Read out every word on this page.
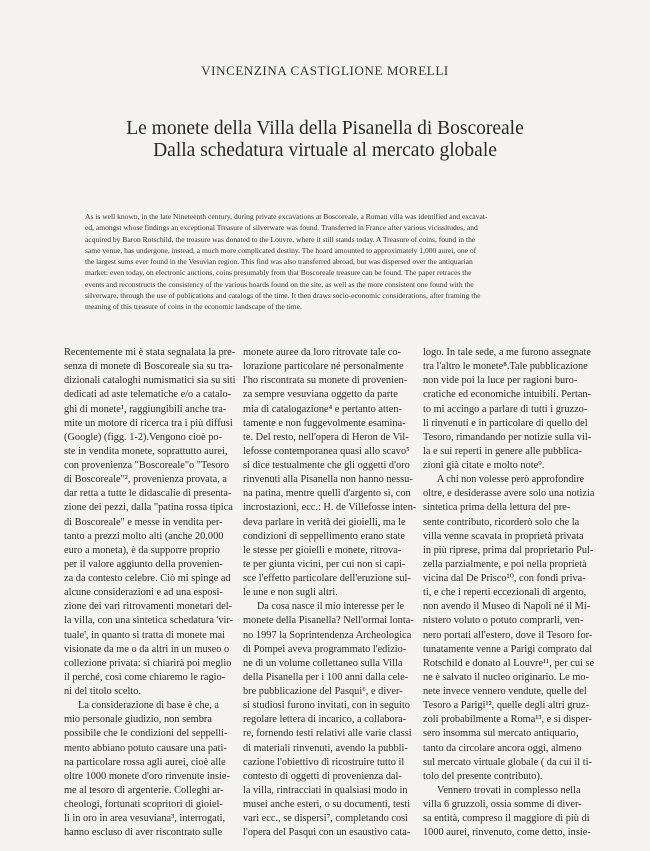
VINCENZINA CASTIGLIONE MORELLI
Le monete della Villa della Pisanella di Boscoreale
Dalla schedatura virtuale al mercato globale
As is well known, in the late Nineteenth century, during private excavations at Boscoreale, a Roman villa was identified and excavat-
ed, amongst whose findings an exceptional Treasure of silverware was found. Transferred in France after various vicissitudes, and
acquired by Baron Rotschild, the treasure was donated to the Louvre, where it still stands today. A Treasure of coins, found in the
same venue, has undergone, instead, a much more complicated destiny. The hoard amounted to approximately 1,000 aurei, one of
the largest sums ever found in the Vesuvian region. This find was also transferred abroad, but was dispersed over the antiquarian
market: even today, on electronic auctions, coins presumably from that Boscoreale treasure can be found. The paper retraces the
events and reconstructs the consistency of the various hoards found on the site, as well as the more consistent one found with the
silverware, through the use of publications and catalogs of the time. It then draws socio-economic considerations, after framing the
meaning of this treasure of coins in the economic landscape of the time.
Recentemente mi è stata segnalata la pre-
senza di monete di Boscoreale sia su tra-
dizionali cataloghi numismatici sia su siti
dedicati ad aste telematiche e/o a catalo-
ghi di monete¹, raggiungibili anche tra-
mite un motore di ricerca tra i più diffusi
(Google) (figg. 1-2).Vengono cioè po-
ste in vendita monete, soprattutto aurei,
con provenienza "Boscoreale"o "Tesoro
di Boscoreale"², provenienza provata, a
dar retta a tutte le didascalie di presenta-
zione dei pezzi, dalla "patina rossa tipica
di Boscoreale" e messe in vendita per-
tanto a prezzi molto alti (anche 20.000
euro a moneta), è da supporre proprio
per il valore aggiunto della provenien-
za da contesto celebre. Ciò mi spinge ad
alcune considerazioni e ad una esposi-
zione dei vari ritrovamenti monetari del-
la villa, con una sintetica schedatura 'vir-
tuale', in quanto si tratta di monete mai
visionate da me o da altri in un museo o
collezione privata: sì chiarirà poi meglio
il perché, così come chiaremo le ragio-
ni del titolo scelto.
La considerazione di base è che, a
mio personale giudizio, non sembra
possibile che le condizioni del seppelli-
mento abbiano potuto causare una pati-
na particolare rossa agli aurei, cioè alle
oltre 1000 monete d'oro rinvenute insie-
me al tesoro di argenterie. Colleghi ar-
cheologi, fortunati scopritori di gioiel-
li in oro in area vesuviana³, interrogati,
hanno escluso di aver riscontrato sulle
monete auree da loro ritrovate tale co-
lorazione particolare né personalmente
l'ho riscontrata su monete di provenien-
za sempre vesuviana oggetto da parte
mia di catalogazione⁴ e pertanto atten-
tamente e non fuggevolmente esamina-
te. Del resto, nell'opera di Heron de Vil-
lefosse contemporanea quasi allo scavo⁵
si dice testualmente che gli oggetti d'oro
rinvenuti alla Pisanella non hanno nessu-
na patina, mentre quelli d'argento sì, con
incrostazioni, ecc.: H. de Villefosse inten-
deva parlare in verità dei gioielli, ma le
condizioni di seppellimento erano state
le stesse per gioielli e monete, ritrova-
te per giunta vicini, per cui non si capi-
sce l'effetto particolare dell'eruzione sul-
le une e non sugli altri.
Da cosa nasce il mio interesse per le
monete della Pisanella? Nell'ormai lonta-
no 1997 la Soprintendenza Archeologica
di Pompei aveva programmato l'edizio-
ne di un volume collettaneo sulla Villa
della Pisanella per i 100 anni dalla cele-
bre pubblicazione del Pasqui⁶, e diver-
si studiosi furono invitati, con in seguito
regolare lettera di incarico, a collabora-
re, fornendo testi relativi alle varie classi
di materiali rinvenuti, avendo la pubbli-
cazione l'obiettivo di ricostruire tutto il
contesto di oggetti di provenienza dal-
la villa, rintracciati in qualsiasi modo in
musei anche esteri, o su documenti, testi
vari ecc., se dispersi⁷, completando così
l'opera del Pasqui con un esaustivo cata-
logo. In tale sede, a me furono assegnate
tra l'altro le monete⁸.Tale pubblicazione
non vide poi la luce per ragioni buro-
cratiche ed economiche intuibili. Pertan-
to mi accingo a parlare di tutti i gruzzo-
li rinvenuti e in particolare di quello del
Tesoro, rimandando per notizie sulla vil-
la e sui reperti in genere alle pubblica-
zioni già citate e molto note⁹.
A chi non volesse però approfondire
oltre, e desiderasse avere solo una notizia
sintetica prima della lettura del pre-
sente contributo, ricorderò solo che la
villa venne scavata in proprietà privata
in più riprese, prima dal proprietario Pul-
zella parzialmente, e poi nella proprietà
vicina dal De Prisco¹⁰, con fondi priva-
ti, e che i reperti eccezionali di argento,
non avendo il Museo di Napoli né il Mi-
nistero voluto o potuto comprarli, ven-
nero portati all'estero, dove il Tesoro for-
tunatamente venne a Parigi comprato dal
Rotschild e donato al Louvre¹¹, per cui se
ne è salvato il nucleo originario. Le mo-
nete invece vennero vendute, quelle del
Tesoro a Parigi¹², quelle degli altri gruz-
zoli probabilmente a Roma¹³, e si disper-
sero insomma sul mercato antiquario,
tanto da circolare ancora oggi, almeno
sul mercato virtuale globale ( da cui il ti-
tolo del presente contributo).
Vennero trovati in complesso nella
villa 6 gruzzoli, ossia somme di diver-
sa entità, compreso il maggiore di più di
1000 aurei, rinvenuto, come detto, insie-
